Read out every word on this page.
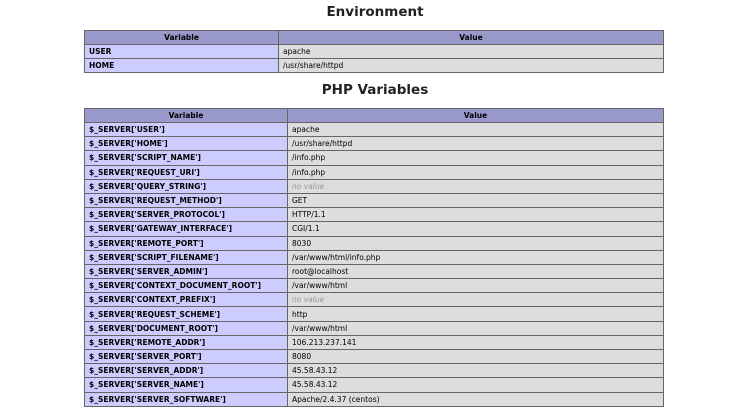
Environment
Variable	Value
USER	apache
HOME	/usr/share/httpd
PHP Variables
Variable	Value
$_SERVER['USER']	apache
$_SERVER['HOME']	/usr/share/httpd
$_SERVER['SCRIPT_NAME']	/info.php
$_SERVER['REQUEST_URI']	/info.php
$_SERVER['QUERY_STRING']	no value
$_SERVER['REQUEST_METHOD']	GET
$_SERVER['SERVER_PROTOCOL']	HTTP/1.1
$_SERVER['GATEWAY_INTERFACE']	CGI/1.1
$_SERVER['REMOTE_PORT']	8030
$_SERVER['SCRIPT_FILENAME']	/var/www/html/info.php
$_SERVER['SERVER_ADMIN']	root@localhost
$_SERVER['CONTEXT_DOCUMENT_ROOT']	/var/www/html
$_SERVER['CONTEXT_PREFIX']	no value
$_SERVER['REQUEST_SCHEME']	http
$_SERVER['DOCUMENT_ROOT']	/var/www/html
$_SERVER['REMOTE_ADDR']	106.213.237.141
$_SERVER['SERVER_PORT']	8080
$_SERVER['SERVER_ADDR']	45.58.43.12
$_SERVER['SERVER_NAME']	45.58.43.12
$_SERVER['SERVER_SOFTWARE']	Apache/2.4.37 (centos)
